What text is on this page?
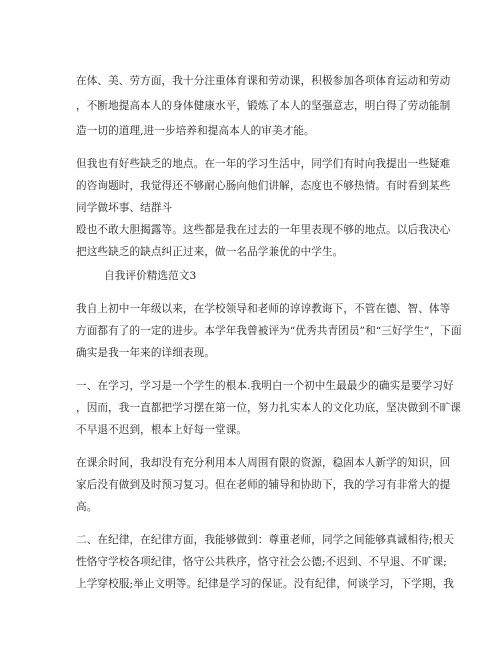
在体、美、劳方面，我十分注重体育课和劳动课，积极参加各项体育运动和劳动
，不断地提高本人的身体健康水平，锻炼了本人的坚强意志，明白得了劳动能制
造一切的道理,进一步培养和提高本人的审美才能。
但我也有好些缺乏的地点。在一年的学习生活中，同学们有时向我提出一些疑难
的咨询题时，我觉得还不够耐心肠向他们讲解，态度也不够热情。有时看到某些
同学做坏事、结群斗
殴也不敢大胆揭露等。这些都是我在过去的一年里表现不够的地点。以后我决心
把这些缺乏的缺点纠正过来，做一名品学兼优的中学生。
自我评价精选范文3
我自上初中一年级以来，在学校领导和老师的谆谆教诲下，不管在德、智、体等
方面都有了的一定的进步。本学年我曾被评为“优秀共青团员”和“三好学生”，下面
确实是我一年来的详细表现。
一、在学习，学习是一个学生的根本.我明白一个初中生最最少的确实是要学习好
，因而，我一直都把学习摆在第一位，努力扎实本人的文化功底，坚决做到不旷课
不早退不迟到，根本上好每一堂课。
在课余时间，我却没有充分利用本人周围有限的资源，稳固本人新学的知识，回
家后没有做到及时预习复习。但在老师的辅导和协助下，我的学习有非常大的提
高。
二、在纪律，在纪律方面，我能够做到：尊重老师，同学之间能够真诚相待;根天
性恪守学校各项纪律，恪守公共秩序，恪守社会公德;不迟到、不早退、不旷课;
上学穿校服;举止文明等。纪律是学习的保证。没有纪律，何谈学习，下学期，我
